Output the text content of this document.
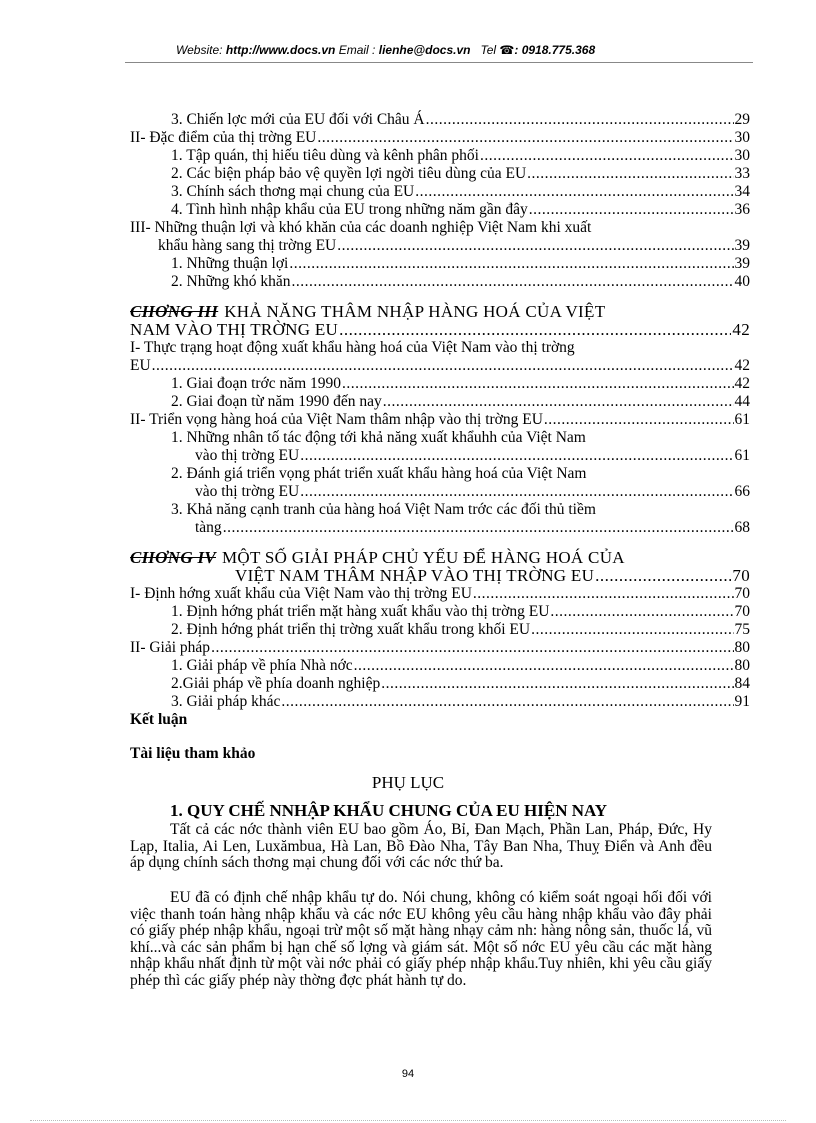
Website: http://www.docs.vn Email : lienhe@docs.vn Tel ☎: 0918.775.368
3. Chiến lợc mới của EU đối với Châu Á .....	29
II- Đặc điểm của thị trờng EU .....	30
1. Tập quán, thị hiếu tiêu dùng và kênh phân phối .....	30
2. Các biện pháp bảo vệ quyền lợi ngời tiêu dùng của EU .....	33
3. Chính sách thơng mại chung của EU .....	34
4. Tình hình nhập khẩu của EU trong những năm gần đây .....	36
III- Những thuận lợi và khó khăn của các doanh nghiệp Việt Nam khi xuất
khẩu hàng sang thị trờng EU .....	39
1. Những thuận lợi .....	39
2. Những khó khăn .....	40
CHƠNG III KHẢ NĂNG THÂM NHẬP HÀNG HOÁ CỦA VIỆT
NAM VÀO THỊ TRỜNG EU .....	42
I- Thực trạng hoạt động xuất khẩu hàng hoá của Việt Nam vào thị trờng
EU .....	42
1. Giai đoạn trớc năm 1990 .....	42
2. Giai đoạn từ năm 1990 đến nay .....	44
II- Triển vọng hàng hoá của Việt Nam thâm nhập vào thị trờng EU .....	61
1. Những nhân tố tác động tới khả năng xuất khẩuhh của Việt Nam
vào thị trờng EU .....	61
2. Đánh giá triển vọng phát triển xuất khẩu hàng hoá của Việt Nam
vào thị trờng EU .....	66
3. Khả năng cạnh tranh của hàng hoá Việt Nam trớc các đối thủ tiềm
tàng .....	68
CHƠNG IV MỘT SỐ GIẢI PHÁP CHỦ YẾU ĐỂ HÀNG HOÁ CỦA
VIỆT NAM THÂM NHẬP VÀO THỊ TRỜNG EU .....	70
I- Định hớng xuất khẩu của Việt Nam vào thị trờng EU .....	70
1. Định hớng phát triển mặt hàng xuất khẩu vào thị trờng EU .....	70
2. Định hớng phát triển thị trờng xuất khẩu trong khối EU .....	75
II- Giải pháp .....	80
1. Giải pháp về phía Nhà nớc .....	80
2.Giải pháp về phía doanh nghiệp .....	84
3. Giải pháp khác .....	91
Kết luận
Tài liệu tham khảo
PHỤ LỤC
1. QUY CHẾ NNHẬP KHẨU CHUNG CỦA EU HIỆN NAY
Tất cả các nớc thành viên EU bao gồm Áo, Bỉ, Đan Mạch, Phần Lan, Pháp, Đức, Hy Lạp, Italia, Ai Len, Luxămbua, Hà Lan, Bồ Đào Nha, Tây Ban Nha, Thuỵ Điển và Anh đều áp dụng chính sách thơng mại chung đối với các nớc thứ ba.
EU đã có định chế nhập khẩu tự do. Nói chung, không có kiểm soát ngoại hối đối với việc thanh toán hàng nhập khẩu và các nớc EU không yêu cầu hàng nhập khẩu vào đây phải có giấy phép nhập khẩu, ngoại trừ một số mặt hàng nhạy cảm nh: hàng nông sản, thuốc lá, vũ khí...và các sản phẩm bị hạn chế số lợng và giám sát. Một số nớc EU yêu cầu các mặt hàng nhập khẩu nhất định từ một vài nớc phải có giấy phép nhập khẩu.Tuy nhiên, khi yêu cầu giấy phép thì các giấy phép này thờng đợc phát hành tự do.
94
